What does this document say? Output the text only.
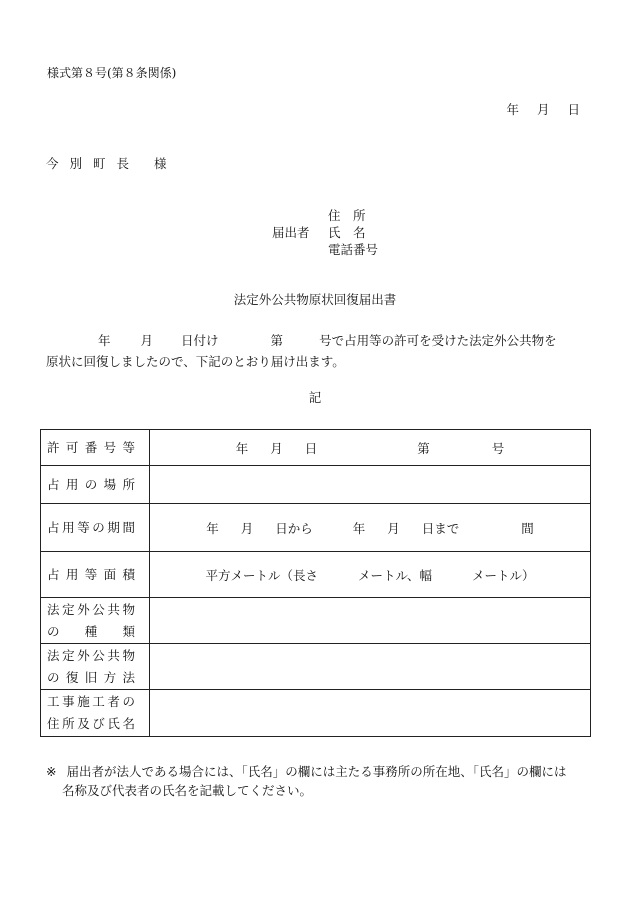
様式第８号(第８条関係)
年 月 日
今別町長 様
住　所
届出者 氏　名
電話番号
法定外公共物原状回復届出書
年 月 日付け	第	号で占用等の許可を受けた法定外公共物を
原状に回復しましたので、下記のとおり届け出ます。
記
許可番号等	年 月 日 第 号

占用の場所	

占用等の期間	年 月 日から 年 月 日まで 間

占用等面積	平方メートル（長さ メートル、幅 メートル）

法定外公共物
の　種　類	

法定外公共物
の復旧方法	

工事施工者の
住所及び氏名	

※ 届出者が法人である場合には、「氏名」の欄には主たる事務所の所在地、「氏名」の欄には
名称及び代表者の氏名を記載してください。
